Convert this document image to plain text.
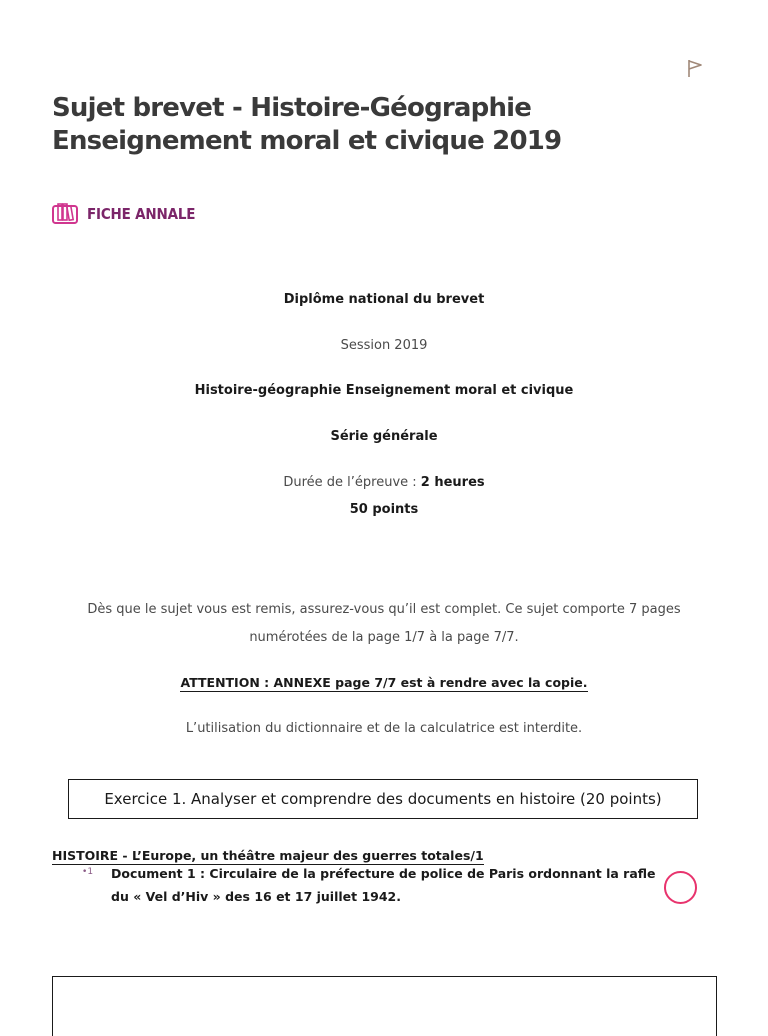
Sujet brevet - Histoire-Géographie Enseignement moral et civique 2019
FICHE ANNALE
Diplôme national du brevet
Session 2019
Histoire-géographie Enseignement moral et civique
Série générale
Durée de l’épreuve : 2 heures
50 points
Dès que le sujet vous est remis, assurez-vous qu’il est complet. Ce sujet comporte 7 pages numérotées de la page 1/7 à la page 7/7.
ATTENTION : ANNEXE page 7/7 est à rendre avec la copie.
L’utilisation du dictionnaire et de la calculatrice est interdite.
Exercice 1. Analyser et comprendre des documents en histoire (20 points)
HISTOIRE - L’Europe, un théâtre majeur des guerres totales/1
•1 Document 1 : Circulaire de la préfecture de police de Paris ordonnant la rafle du « Vel d’Hiv » des 16 et 17 juillet 1942.
